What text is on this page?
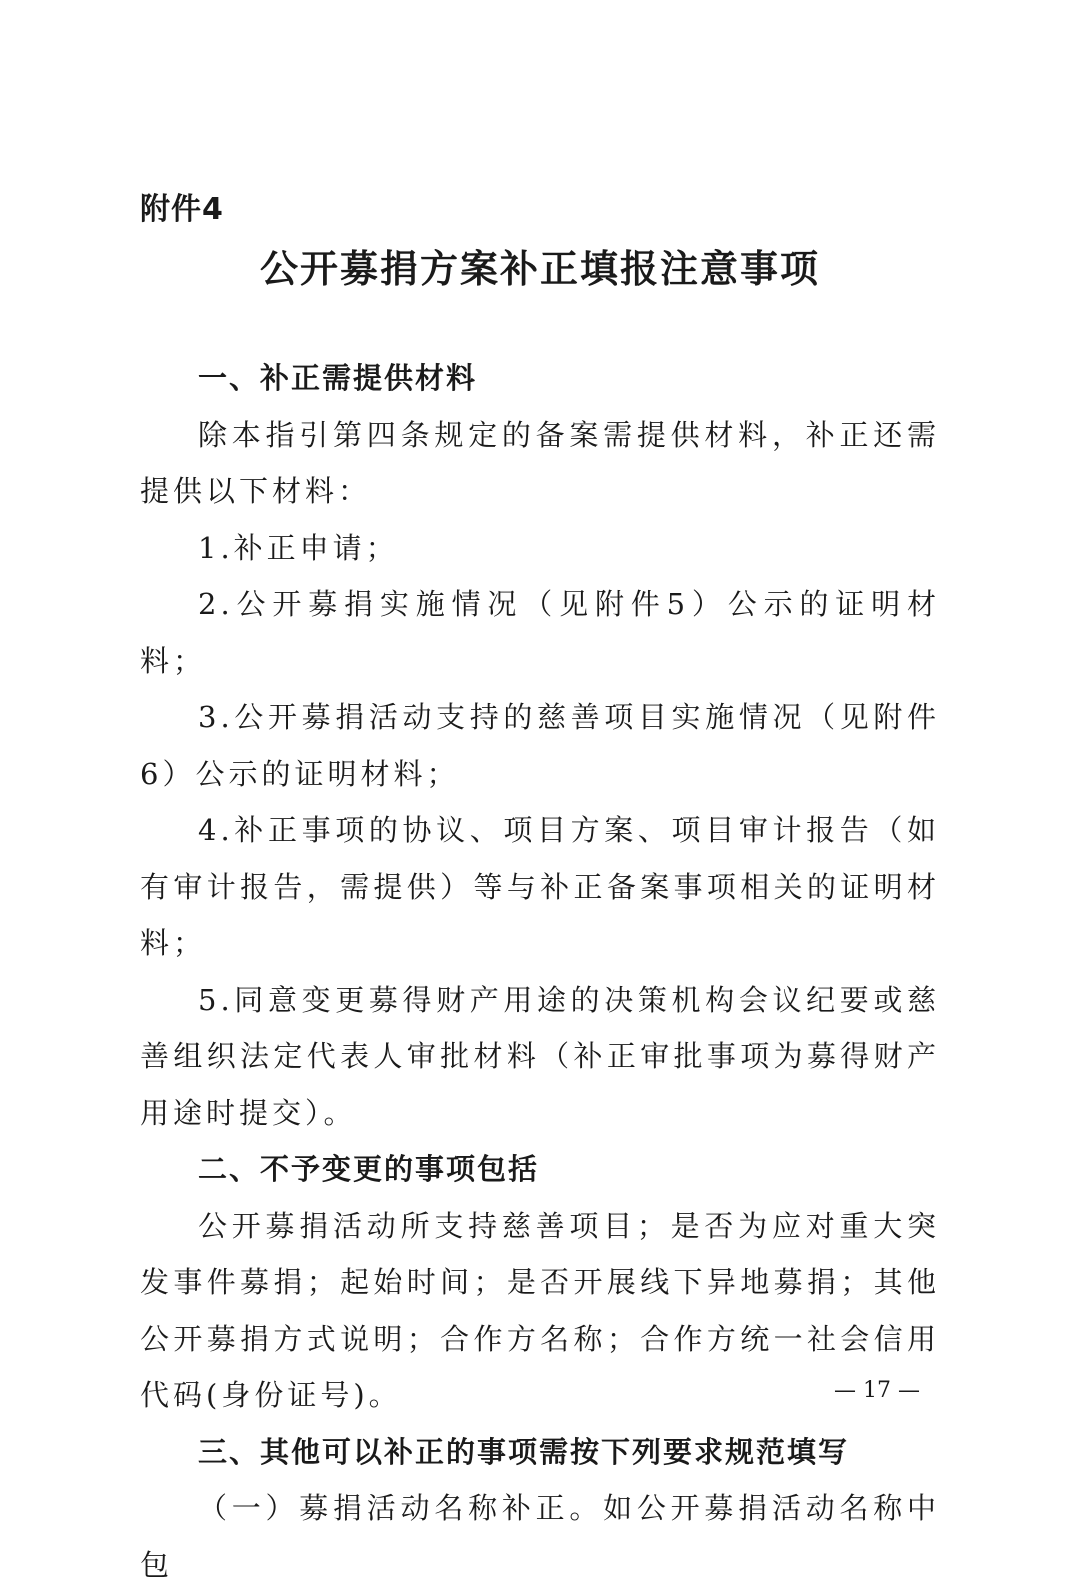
附件4
公开募捐方案补正填报注意事项

一、补正需提供材料

除本指引第四条规定的备案需提供材料，补正还需提供以下材料：

1.补正申请；

2.公开募捐实施情况（见附件5）公示的证明材料；

3.公开募捐活动支持的慈善项目实施情况（见附件6）公示的证明材料；

4.补正事项的协议、项目方案、项目审计报告（如有审计报告，需提供）等与补正备案事项相关的证明材料；

5.同意变更募得财产用途的决策机构会议纪要或慈善组织法定代表人审批材料（补正审批事项为募得财产用途时提交）。

二、不予变更的事项包括

公开募捐活动所支持慈善项目；是否为应对重大突发事件募捐；起始时间；是否开展线下异地募捐；其他公开募捐方式说明；合作方名称；合作方统一社会信用代码(身份证号)。

三、其他可以补正的事项需按下列要求规范填写

（一）募捐活动名称补正。如公开募捐活动名称中包

— 17 —
